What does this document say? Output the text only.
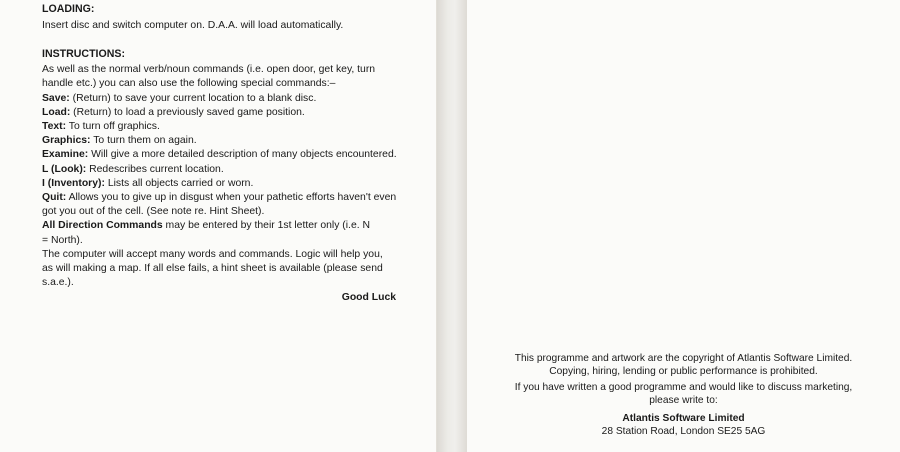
LOADING:

Insert disc and switch computer on. D.A.A. will load automatically.

INSTRUCTIONS:

As well as the normal verb/noun commands (i.e. open door, get key, turn handle etc.) you can also use the following special commands:–

Save: (Return) to save your current location to a blank disc.

Load: (Return) to load a previously saved game position.

Text: To turn off graphics.

Graphics: To turn them on again.

Examine: Will give a more detailed description of many objects encountered.

L (Look): Redescribes current location.

I (Inventory): Lists all objects carried or worn.

Quit: Allows you to give up in disgust when your pathetic efforts haven't even got you out of the cell. (See note re. Hint Sheet).

All Direction Commands may be entered by their 1st letter only (i.e. N = North).

The computer will accept many words and commands. Logic will help you, as will making a map. If all else fails, a hint sheet is available (please send s.a.e.).

Good Luck

This programme and artwork are the copyright of Atlantis Software Limited.

Copying, hiring, lending or public performance is prohibited.

If you have written a good programme and would like to discuss marketing,

please write to:

Atlantis Software Limited

28 Station Road, London SE25 5AG
